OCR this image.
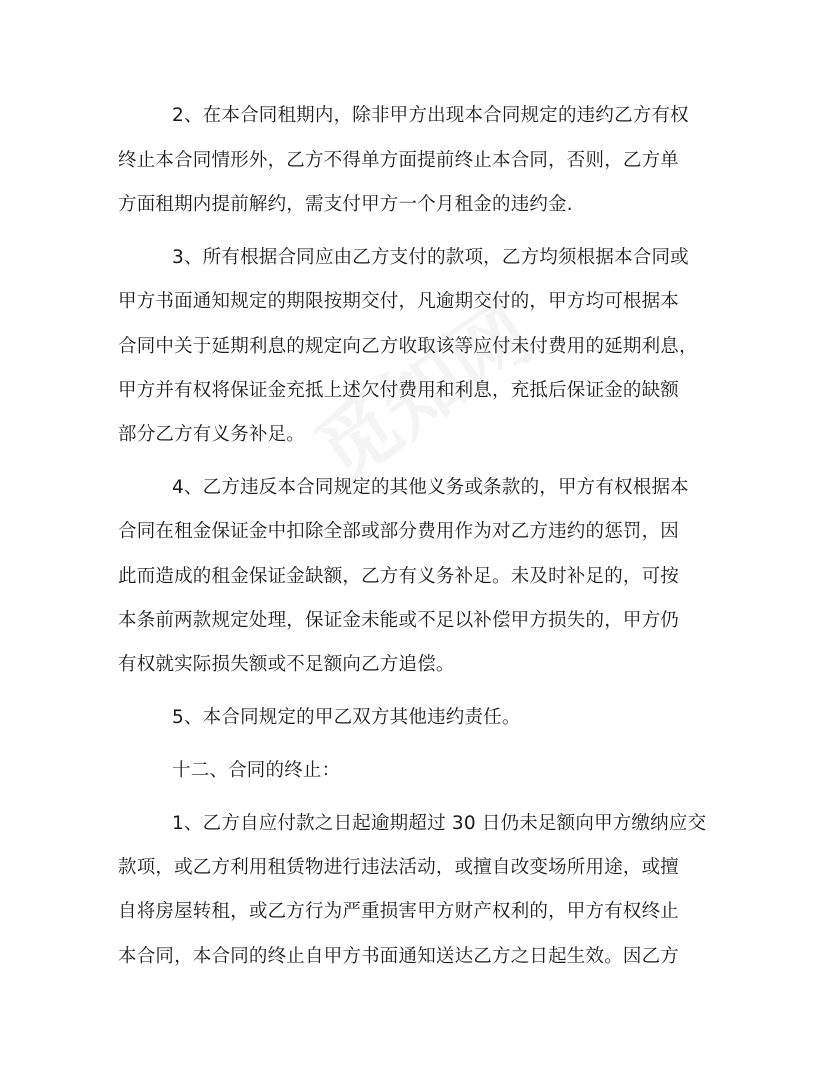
2、在本合同租期内，除非甲方出现本合同规定的违约乙方有权
终止本合同情形外，乙方不得单方面提前终止本合同，否则，乙方单
方面租期内提前解约，需支付甲方一个月租金的违约金.
3、所有根据合同应由乙方支付的款项，乙方均须根据本合同或
甲方书面通知规定的期限按期交付，凡逾期交付的，甲方均可根据本
合同中关于延期利息的规定向乙方收取该等应付未付费用的延期利息，
甲方并有权将保证金充抵上述欠付费用和利息，充抵后保证金的缺额
部分乙方有义务补足。
4、乙方违反本合同规定的其他义务或条款的，甲方有权根据本
合同在租金保证金中扣除全部或部分费用作为对乙方违约的惩罚，因
此而造成的租金保证金缺额，乙方有义务补足。未及时补足的，可按
本条前两款规定处理，保证金未能或不足以补偿甲方损失的，甲方仍
有权就实际损失额或不足额向乙方追偿。
5、本合同规定的甲乙双方其他违约责任。
十二、合同的终止：
1、乙方自应付款之日起逾期超过 30 日仍未足额向甲方缴纳应交
款项，或乙方利用租赁物进行违法活动，或擅自改变场所用途，或擅
自将房屋转租，或乙方行为严重损害甲方财产权利的，甲方有权终止
本合同，本合同的终止自甲方书面通知送达乙方之日起生效。因乙方
